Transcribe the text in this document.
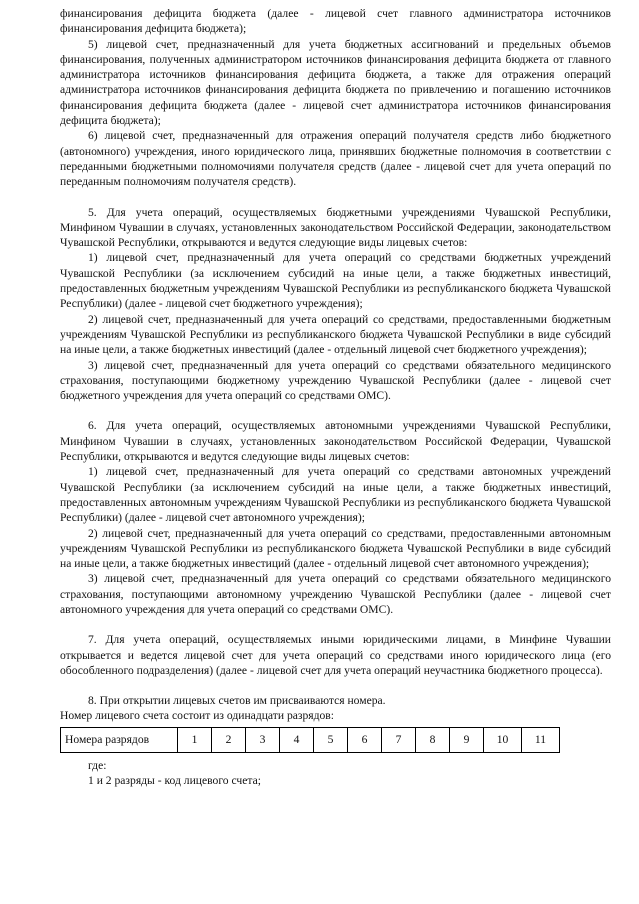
финансирования дефицита бюджета (далее - лицевой счет главного администратора источников финансирования дефицита бюджета);

5) лицевой счет, предназначенный для учета бюджетных ассигнований и предельных объемов финансирования, полученных администратором источников финансирования дефицита бюджета от главного администратора источников финансирования дефицита бюджета, а также для отражения операций администратора источников финансирования дефицита бюджета по привлечению и погашению источников финансирования дефицита бюджета (далее - лицевой счет администратора источников финансирования дефицита бюджета);

6) лицевой счет, предназначенный для отражения операций получателя средств либо бюджетного (автономного) учреждения, иного юридического лица, принявших бюджетные полномочия в соответствии с переданными бюджетными полномочиями получателя средств (далее - лицевой счет для учета операций по переданным полномочиям получателя средств).

5. Для учета операций, осуществляемых бюджетными учреждениями Чувашской Республики, Минфином Чувашии в случаях, установленных законодательством Российской Федерации, законодательством Чувашской Республики, открываются и ведутся следующие виды лицевых счетов:

1) лицевой счет, предназначенный для учета операций со средствами бюджетных учреждений Чувашской Республики (за исключением субсидий на иные цели, а также бюджетных инвестиций, предоставленных бюджетным учреждениям Чувашской Республики из республиканского бюджета Чувашской Республики) (далее - лицевой счет бюджетного учреждения);

2) лицевой счет, предназначенный для учета операций со средствами, предоставленными бюджетным учреждениям Чувашской Республики из республиканского бюджета Чувашской Республики в виде субсидий на иные цели, а также бюджетных инвестиций (далее - отдельный лицевой счет бюджетного учреждения);

3) лицевой счет, предназначенный для учета операций со средствами обязательного медицинского страхования, поступающими бюджетному учреждению Чувашской Республики (далее - лицевой счет бюджетного учреждения для учета операций со средствами ОМС).

6. Для учета операций, осуществляемых автономными учреждениями Чувашской Республики, Минфином Чувашии в случаях, установленных законодательством Российской Федерации, Чувашской Республики, открываются и ведутся следующие виды лицевых счетов:

1) лицевой счет, предназначенный для учета операций со средствами автономных учреждений Чувашской Республики (за исключением субсидий на иные цели, а также бюджетных инвестиций, предоставленных автономным учреждениям Чувашской Республики из республиканского бюджета Чувашской Республики) (далее - лицевой счет автономного учреждения);

2) лицевой счет, предназначенный для учета операций со средствами, предоставленными автономным учреждениям Чувашской Республики из республиканского бюджета Чувашской Республики в виде субсидий на иные цели, а также бюджетных инвестиций (далее - отдельный лицевой счет автономного учреждения);

3) лицевой счет, предназначенный для учета операций со средствами обязательного медицинского страхования, поступающими автономному учреждению Чувашской Республики (далее - лицевой счет автономного учреждения для учета операций со средствами ОМС).

7. Для учета операций, осуществляемых иными юридическими лицами, в Минфине Чувашии открывается и ведется лицевой счет для учета операций со средствами иного юридического лица (его обособленного подразделения) (далее - лицевой счет для учета операций неучастника бюджетного процесса).

8. При открытии лицевых счетов им присваиваются номера.

Номер лицевого счета состоит из одинадцати разрядов:

Номера разрядов	1	2	3	4	5	6	7	8	9	10	11
где:
1 и 2 разряды - код лицевого счета;
